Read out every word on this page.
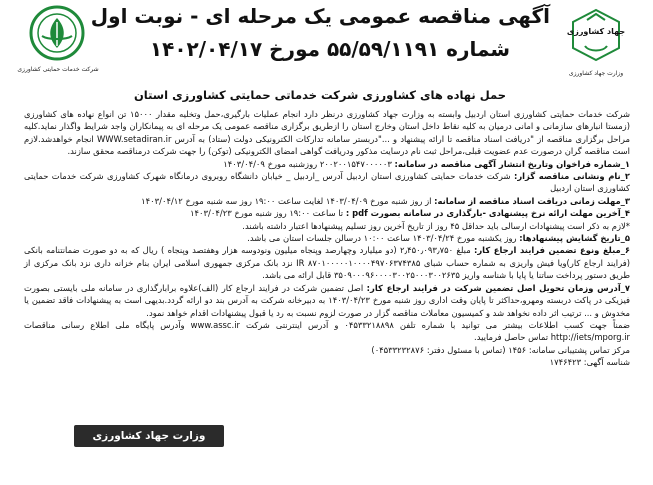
شرکت خدمات حمایتی کشاورزی
جهاد کشاورزی
وزارت جهاد کشاورزی
آگهی مناقصه عمومی یک مرحله ای - نوبت اول
شماره ۵۵/۵۹/۱۱۹۱ مورخ ۱۴۰۲/۰۴/۱۷
حمل نهاده های کشاورزی شرکت خدماتی حمایتی کشاورزی استان

شرکت خدمات حمایتی کشاورزی استان اردبیل وابسته به وزارت جهاد کشاورزی درنظر دارد انجام عملیات بارگیری،حمل وتخلیه مقدار ۱۵۰۰۰ تن انواع نهاده های کشاورزی (زمستا انبارهای سازمانی و امانی درمیان به کلیه نقاط داخل استان وخارج استان را ازطریق برگزاری مناقصه عمومی یک مرحله ای به پیمانکاران واجد شرایط واگذار نماید.کلیه مراحل برگزاری مناقصه از "دریافت اسناد مناقصه تا ارائه پیشنهاد و ..."دربستر سامانه تدارکات الکترونیکی دولت (ستاد) به آدرس WWW.setadiran.ir انجام خواهدشد.لازم است مناقصه گران درصورت عدم عضویت قبلی،مراحل ثبت نام درسایت مذکور ودریافت گواهی امضای الکترونیکی (توکن) را جهت شرکت درمناقصه محقق سازند.

۱_شماره فراخوان وتاریخ انتشار آگهی مناقصه در سامانه: ۲۰۰۲۰۰۱۵۴۷۰۰۰۰۰۳ روزشنبه مورخ ۱۴۰۳/۰۴/۰۹

۲_نام ونشانی مناقصه گزار: شرکت خدمات حمایتی کشاورزی استان اردبیل آدرس _اردبیل _ خیابان دانشگاه روبروی درمانگاه شهرک کشاورزی شرکت خدمات حمایتی کشاورزی استان اردبیل

۳_مهلت زمانی دریافت اسناد مناقصه از سامانه: از روز شنبه مورخ ۱۴۰۳/۰۴/۰۹ لغایت ساعت ۱۹:۰۰ روز سه شنبه مورخ ۱۴۰۳/۰۴/۱۲

۴_آخرین مهلت ارائه نرخ پیشنهادی -بارگذاری در سامانه بصورت pdf : تا ساعت ۱۹:۰۰ روز شنبه مورخ ۱۴۰۳/۰۴/۲۳

*لازم به ذکر است پیشنهادات ارسالی باید حداقل ۴۵ روز از تاریخ آخرین روز تسلیم پیشنهادها اعتبار داشته باشند.

۵_تاریخ گشایش پیشنهادها: روز یکشنبه مورخ ۱۴۰۳/۰۴/۲۴ ساعت ۱۰:۰۰ درسالن جلسات استان می باشد.

۶_مبلغ ونوع تضمین فرایند ارجاع کار: مبلغ ۲٫۴۵۰٫۰۹۳٫۷۵۰ (دو میلیارد وچهارصد وپنجاه میلیون ونودوسه هزار وهفتصد وپنجاه ) ریال که به دو صورت ضمانتنامه بانکی (فرایند ارجاع کار)ویا فیش واریزی به شماره حساب شبای IR ۸۷۰۱۰۰۰۰۰۱۰۰۰۰۴۹۷۰۶۳۷۴۳۸۵ نزد بانک مرکزی جمهوری اسلامی ایران بنام خزانه داری نزد بانک مرکزی از طریق دستور پرداخت ساتنا یا پایا با شناسه واریز ۳۵۰۹۰۰۰۹۶۰۰۰۰۳۰۰۲۵۰۰۰۳۰۰۲۶۳۵ قابل ارائه می باشد.

۷_آدرس وزمان تحویل اصل تضمین شرکت در فرایند ارجاع کار: اصل تضمین شرکت در فرایند ارجاع کار (الف)علاوه برابارگذاری در سامانه ملی بایستی بصورت فیزیکی در پاکت دربسته ومهرو،حداکثر تا پایان وقت اداری روز شنبه مورخ ۱۴۰۳/۰۴/۲۳ به دبیرخانه شرکت به آدرس بند دو ارائه گردد.بدیهی است به پیشنهادات فاقد تضمین یا مخدوش و ... ترتیب اثر داده نخواهد شد و کمیسیون معاملات مناقصه گزار در صورت لزوم نسبت به رد یا قبول پیشنهادات اقدام خواهد نمود.

ضمناً جهت کسب اطلاعات بیشتر می توانید با شماره تلفن ۰۴۵۳۳۲۱۸۸۹۸ و آدرس اینترنتی شرکت www.assc.ir وآدرس پایگاه ملی اطلاع رسانی مناقصات http://iets/mporg.ir تماس حاصل فرمایید.

مرکز تماس پشتیبانی سامانه: ۱۴۵۶ (تماس با مسئول دفتر: ۰۴۵۳۳۲۳۲۸۷۶)

شناسه آگهی: ۱۷۴۶۴۲۳

وزارت جهاد کشاورزی
